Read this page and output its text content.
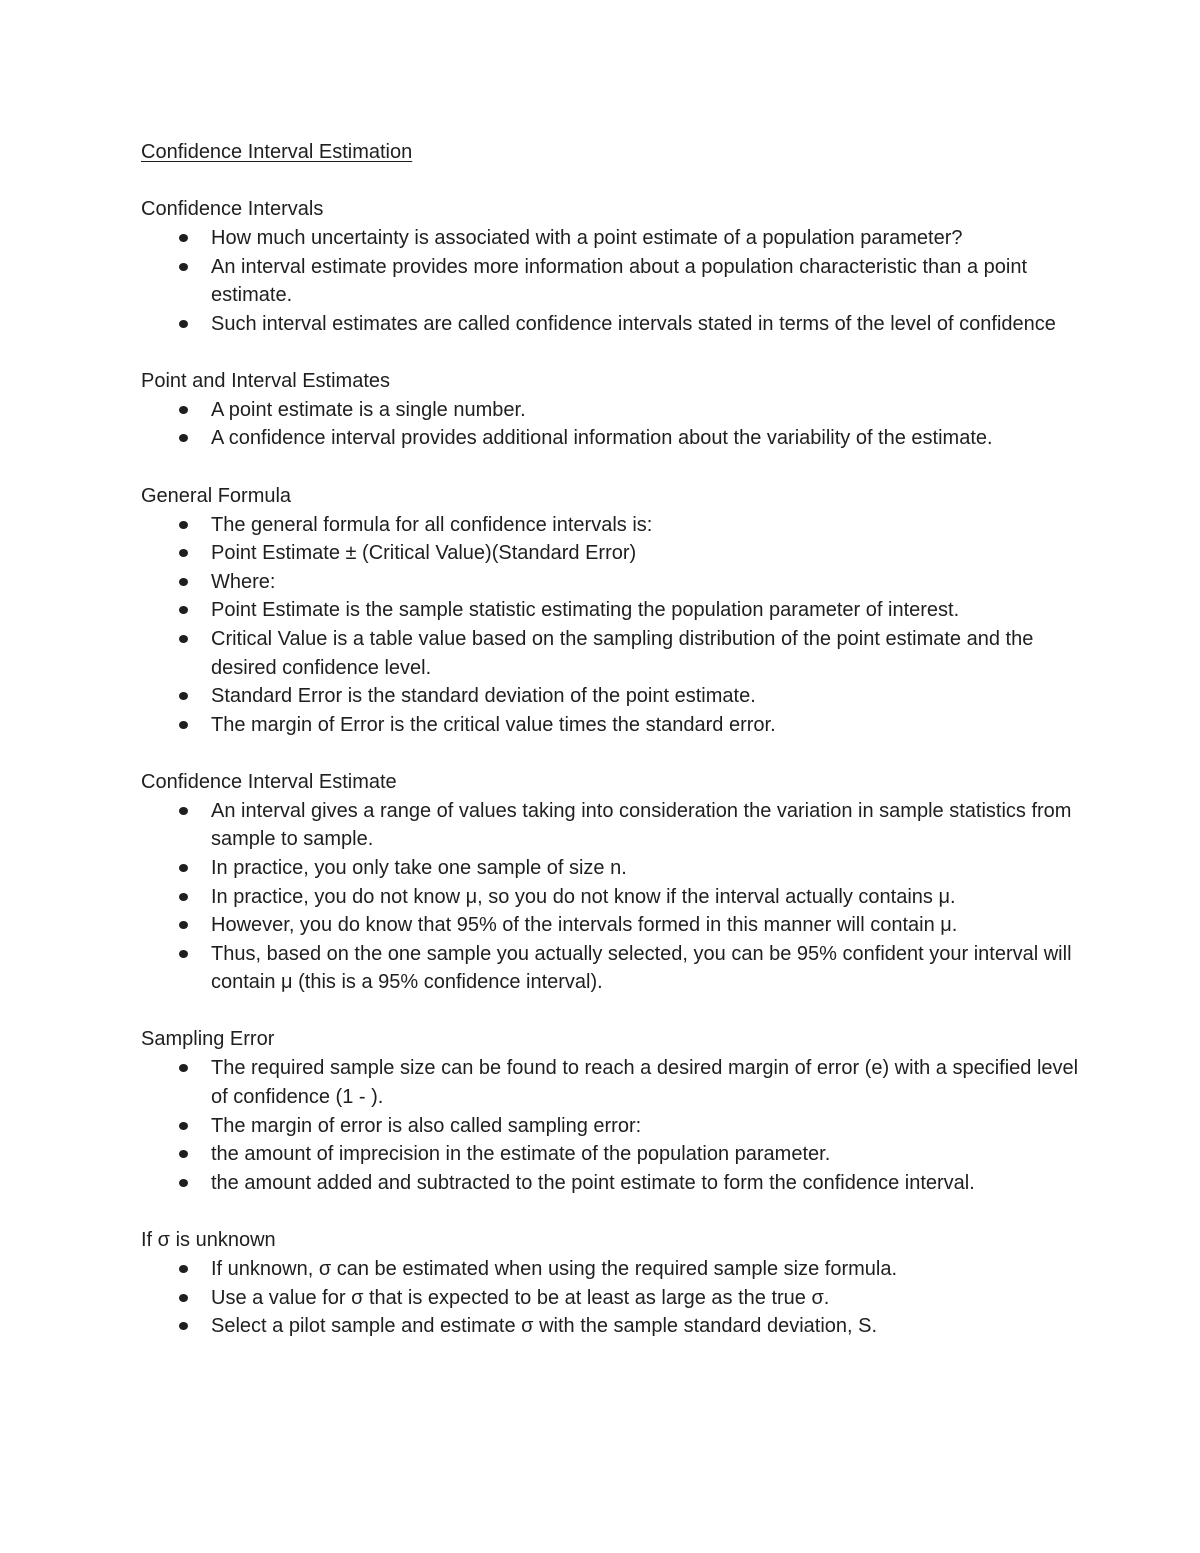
Confidence Interval Estimation

Confidence Intervals

How much uncertainty is associated with a point estimate of a population parameter?
An interval estimate provides more information about a population characteristic than a point estimate.
Such interval estimates are called confidence intervals stated in terms of the level of confidence

Point and Interval Estimates

A point estimate is a single number.
A confidence interval provides additional information about the variability of the estimate.

General Formula

The general formula for all confidence intervals is:
Point Estimate ± (Critical Value)(Standard Error)
Where:
Point Estimate is the sample statistic estimating the population parameter of interest.
Critical Value is a table value based on the sampling distribution of the point estimate and the desired confidence level.
Standard Error is the standard deviation of the point estimate.
The margin of Error is the critical value times the standard error.

Confidence Interval Estimate

An interval gives a range of values taking into consideration the variation in sample statistics from sample to sample.
In practice, you only take one sample of size n.
In practice, you do not know μ, so you do not know if the interval actually contains μ.
However, you do know that 95% of the intervals formed in this manner will contain μ.
Thus, based on the one sample you actually selected, you can be 95% confident your interval will contain μ (this is a 95% confidence interval).

Sampling Error

The required sample size can be found to reach a desired margin of error (e) with a specified level of confidence (1 - ).
The margin of error is also called sampling error:
the amount of imprecision in the estimate of the population parameter.
the amount added and subtracted to the point estimate to form the confidence interval.

If σ is unknown

If unknown, σ can be estimated when using the required sample size formula.
Use a value for σ that is expected to be at least as large as the true σ.
Select a pilot sample and estimate σ with the sample standard deviation, S.
